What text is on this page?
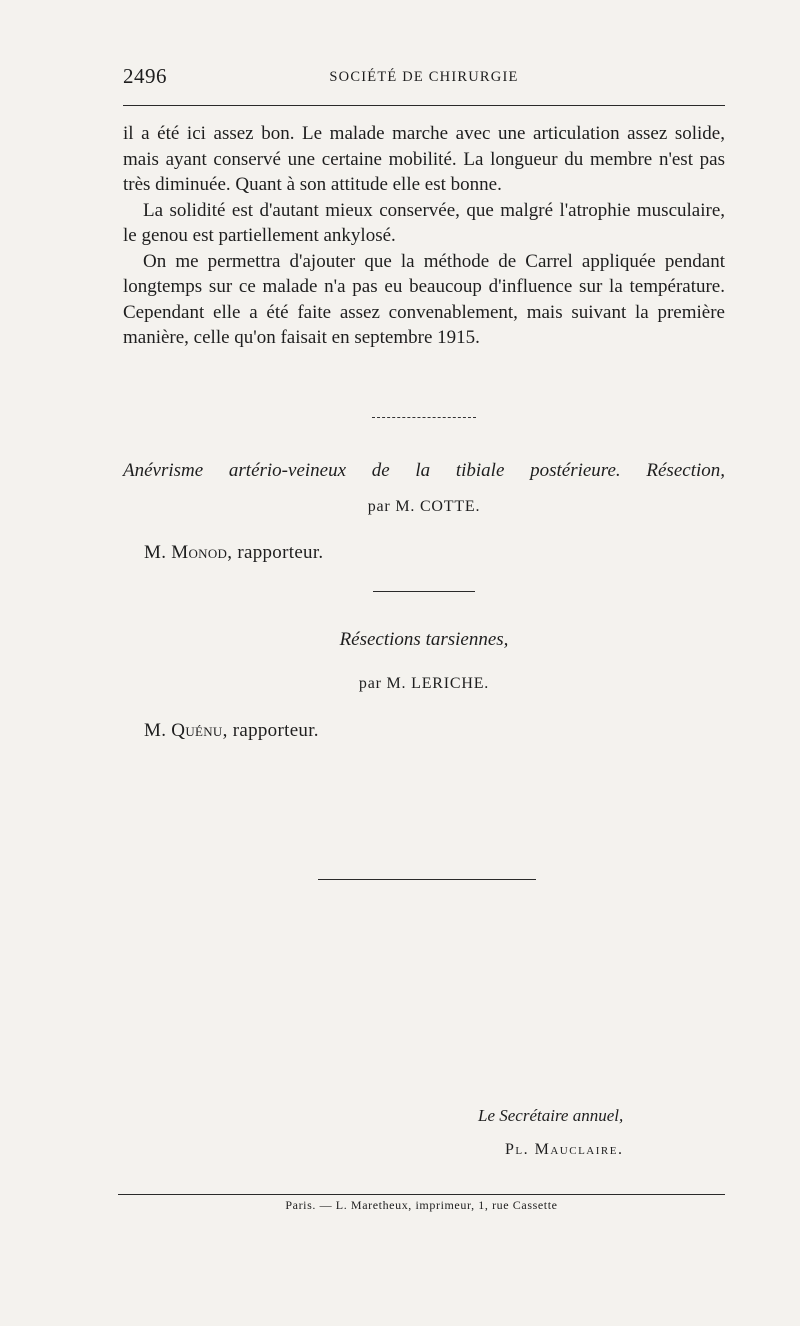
2496	SOCIÉTÉ DE CHIRURGIE

il a été ici assez bon. Le malade marche avec une articulation assez solide, mais ayant conservé une certaine mobilité. La longueur du membre n'est pas très diminuée. Quant à son attitude elle est bonne.

La solidité est d'autant mieux conservée, que malgré l'atrophie musculaire, le genou est partiellement ankylosé.

On me permettra d'ajouter que la méthode de Carrel appliquée pendant longtemps sur ce malade n'a pas eu beaucoup d'influence sur la température. Cependant elle a été faite assez convenablement, mais suivant la première manière, celle qu'on faisait en septembre 1915.

Anévrisme artério-veineux de la tibiale postérieure. Résection,
par M. COTTE.
M. Monod, rapporteur.
Résections tarsiennes,
par M. LERICHE.
M. Quénu, rapporteur.
Le Secrétaire annuel,
Pl. Mauclaire.
Paris. — L. Maretheux, imprimeur, 1, rue Cassette
